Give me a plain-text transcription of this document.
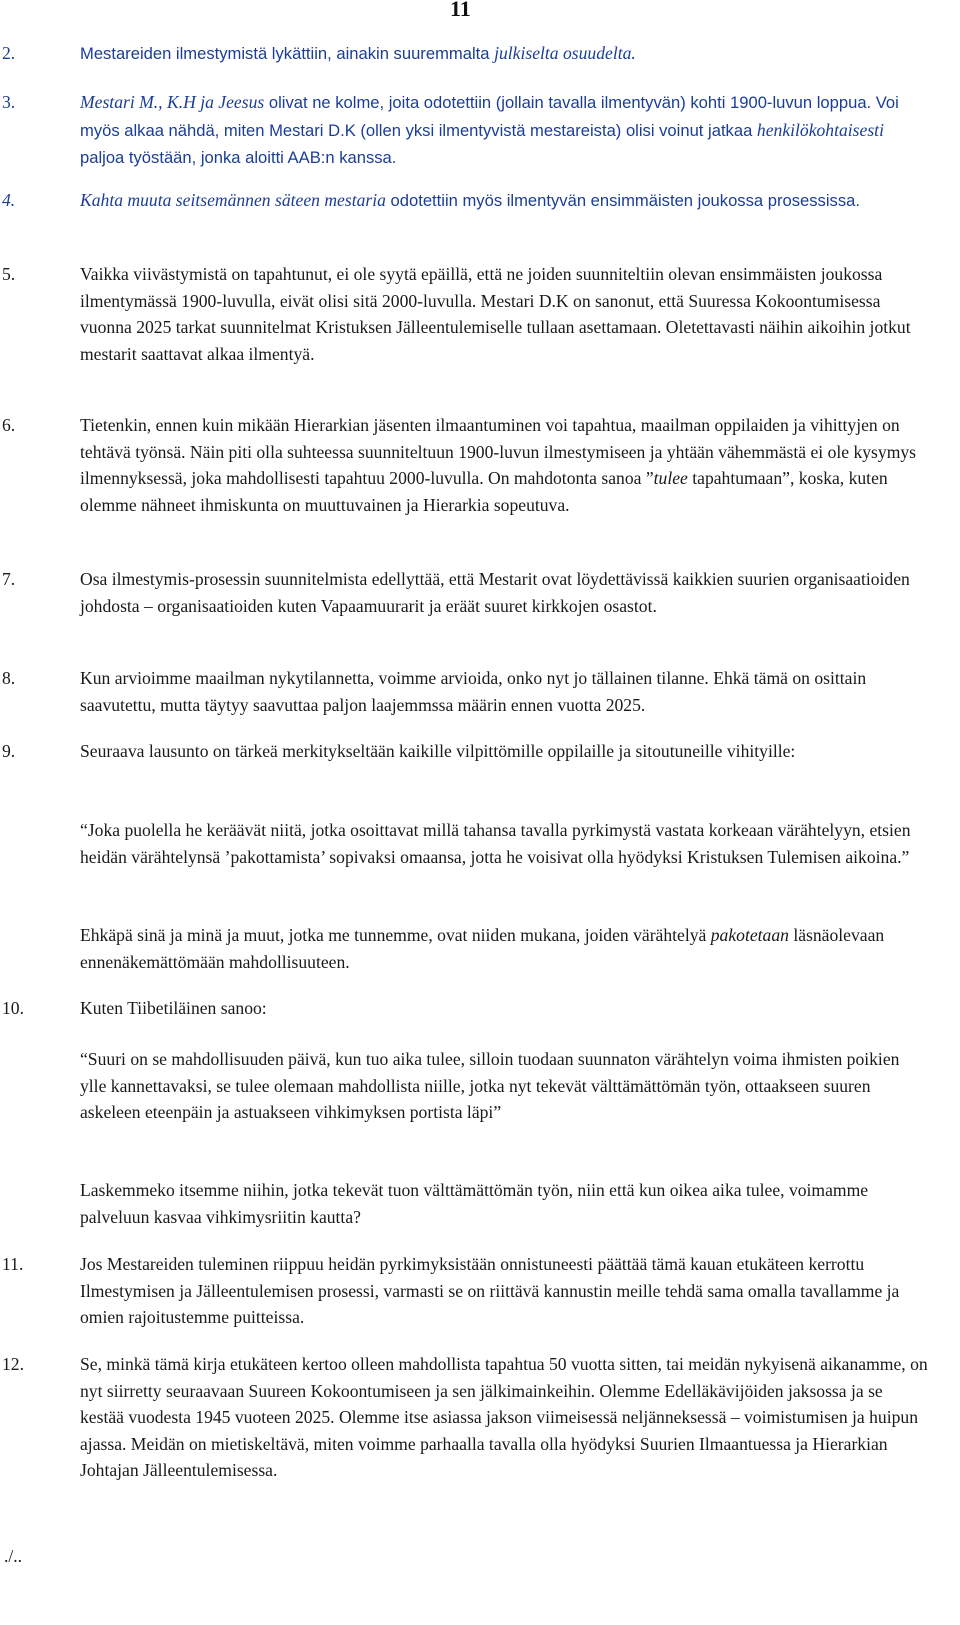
11
2.	Mestareiden ilmestymistä lykättiin, ainakin suuremmalta julkiselta osuudelta.
3.	Mestari M., K.H ja Jeesus olivat ne kolme, joita odotettiin (jollain tavalla ilmentyvän) kohti 1900-luvun loppua. Voi myös alkaa nähdä, miten Mestari D.K (ollen yksi ilmentyvistä mestareista) olisi voinut jatkaa henkilökohtaisesti paljoa työstään, jonka aloitti AAB:n kanssa.
4.	Kahta muuta seitsemännen säteen mestaria odotettiin myös ilmentyvän ensimmäisten joukossa prosessissa.
5.	Vaikka viivästymistä on tapahtunut, ei ole syytä epäillä, että ne joiden suunniteltiin olevan ensimmäisten joukossa ilmentymässä 1900-luvulla, eivät olisi sitä 2000-luvulla. Mestari D.K on sanonut, että Suuressa Kokoontumisessa vuonna 2025 tarkat suunnitelmat Kristuksen Jälleentulemiselle tullaan asettamaan. Oletettavasti näihin aikoihin jotkut mestarit saattavat alkaa ilmentyä.
6.	Tietenkin, ennen kuin mikään Hierarkian jäsenten ilmaantuminen voi tapahtua, maailman oppilaiden ja vihittyjen on tehtävä työnsä. Näin piti olla suhteessa suunniteltuun 1900-luvun ilmestymiseen ja yhtään vähemmästä ei ole kysymys ilmennyksessä, joka mahdollisesti tapahtuu 2000-luvulla. On mahdotonta sanoa ”tulee tapahtumaan”, koska, kuten olemme nähneet ihmiskunta on muuttuvainen ja Hierarkia sopeutuva.
7.	Osa ilmestymis-prosessin suunnitelmista edellyttää, että Mestarit ovat löydettävissä kaikkien suurien organisaatioiden johdosta – organisaatioiden kuten Vapaamuurarit ja eräät suuret kirkkojen osastot.
8.	Kun arvioimme maailman nykytilannetta, voimme arvioida, onko nyt jo tällainen tilanne. Ehkä tämä on osittain saavutettu, mutta täytyy saavuttaa paljon laajemmssa määrin ennen vuotta 2025.
9.	Seuraava lausunto on tärkeä merkitykseltään kaikille vilpittömille oppilaille ja sitoutuneille vihityille:
“Joka puolella he keräävät niitä, jotka osoittavat millä tahansa tavalla pyrkimystä vastata korkeaan värähtelyyn, etsien heidän värähtelynsä ’pakottamista’ sopivaksi omaansa, jotta he voisivat olla hyödyksi Kristuksen Tulemisen aikoina.”
Ehkäpä sinä ja minä ja muut, jotka me tunnemme, ovat niiden mukana, joiden värähtelyä pakotetaan läsnäolevaan ennenäkemättömään mahdollisuuteen.
10.	Kuten Tiibetiläinen sanoo:
“Suuri on se mahdollisuuden päivä, kun tuo aika tulee, silloin tuodaan suunnaton värähtelyn voima ihmisten poikien ylle kannettavaksi, se tulee olemaan mahdollista niille, jotka nyt tekevät välttämättömän työn, ottaakseen suuren askeleen eteenpäin ja astuakseen vihkimyksen portista läpi”
Laskemmeko itsemme niihin, jotka tekevät tuon välttämättömän työn, niin että kun oikea aika tulee, voimamme palveluun kasvaa vihkimysriitin kautta?
11.	Jos Mestareiden tuleminen riippuu heidän pyrkimyksistään onnistuneesti päättää tämä kauan etukäteen kerrottu Ilmestymisen ja Jälleentulemisen prosessi, varmasti se on riittävä kannustin meille tehdä sama omalla tavallamme ja omien rajoitustemme puitteissa.
12.	Se, minkä tämä kirja etukäteen kertoo olleen mahdollista tapahtua 50 vuotta sitten, tai meidän nykyisenä aikanamme, on nyt siirretty seuraavaan Suureen Kokoontumiseen ja sen jälkimainkeihin. Olemme Edelläkävijöiden jaksossa ja se kestää vuodesta 1945 vuoteen 2025. Olemme itse asiassa jakson viimeisessä neljänneksessä – voimistumisen ja huipun ajassa. Meidän on mietiskeltävä, miten voimme parhaalla tavalla olla hyödyksi Suurien Ilmaantuessa ja Hierarkian Johtajan Jälleentulemisessa.
./..
